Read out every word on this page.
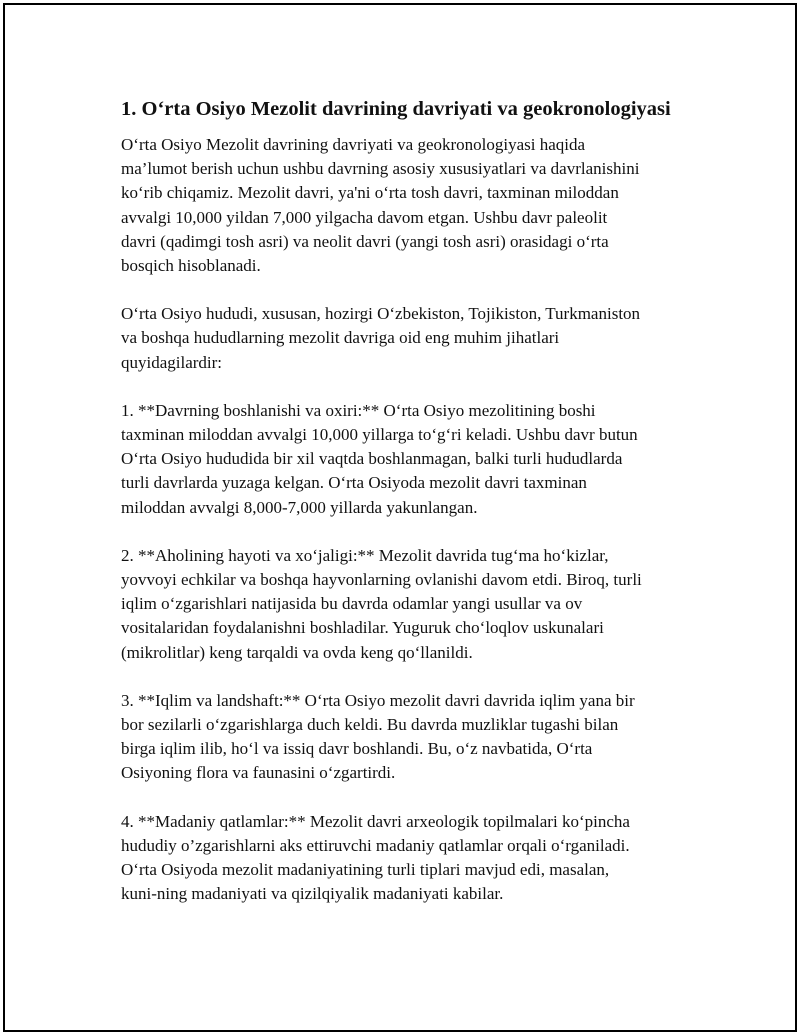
1. O‘rta Osiyo Mezolit davrining davriyati va geokronologiyasi
O‘rta Osiyo Mezolit davrining davriyati va geokronologiyasi haqida
ma’lumot berish uchun ushbu davrning asosiy xususiyatlari va davrlanishini
ko‘rib chiqamiz. Mezolit davri, ya'ni o‘rta tosh davri, taxminan miloddan
avvalgi 10,000 yildan 7,000 yilgacha davom etgan. Ushbu davr paleolit
davri (qadimgi tosh asri) va neolit davri (yangi tosh asri) orasidagi o‘rta
bosqich hisoblanadi.
O‘rta Osiyo hududi, xususan, hozirgi O‘zbekiston, Tojikiston, Turkmaniston
va boshqa hududlarning mezolit davriga oid eng muhim jihatlari
quyidagilardir:
1. **Davrning boshlanishi va oxiri:** O‘rta Osiyo mezolitining boshi
taxminan miloddan avvalgi 10,000 yillarga to‘g‘ri keladi. Ushbu davr butun
O‘rta Osiyo hududida bir xil vaqtda boshlanmagan, balki turli hududlarda
turli davrlarda yuzaga kelgan. O‘rta Osiyoda mezolit davri taxminan
miloddan avvalgi 8,000-7,000 yillarda yakunlangan.
2. **Aholining hayoti va xo‘jaligi:** Mezolit davrida tug‘ma ho‘kizlar,
yovvoyi echkilar va boshqa hayvonlarning ovlanishi davom etdi. Biroq, turli
iqlim o‘zgarishlari natijasida bu davrda odamlar yangi usullar va ov
vositalaridan foydalanishni boshladilar. Yuguruk cho‘loqlov uskunalari
(mikrolitlar) keng tarqaldi va ovda keng qo‘llanildi.
3. **Iqlim va landshaft:** O‘rta Osiyo mezolit davri davrida iqlim yana bir
bor sezilarli o‘zgarishlarga duch keldi. Bu davrda muzliklar tugashi bilan
birga iqlim ilib, ho‘l va issiq davr boshlandi. Bu, o‘z navbatida, O‘rta
Osiyoning flora va faunasini o‘zgartirdi.
4. **Madaniy qatlamlar:** Mezolit davri arxeologik topilmalari ko‘pincha
hududiy o’zgarishlarni aks ettiruvchi madaniy qatlamlar orqali o‘rganiladi.
O‘rta Osiyoda mezolit madaniyatining turli tiplari mavjud edi, masalan,
kuni-ning madaniyati va qizilqiyalik madaniyati kabilar.
